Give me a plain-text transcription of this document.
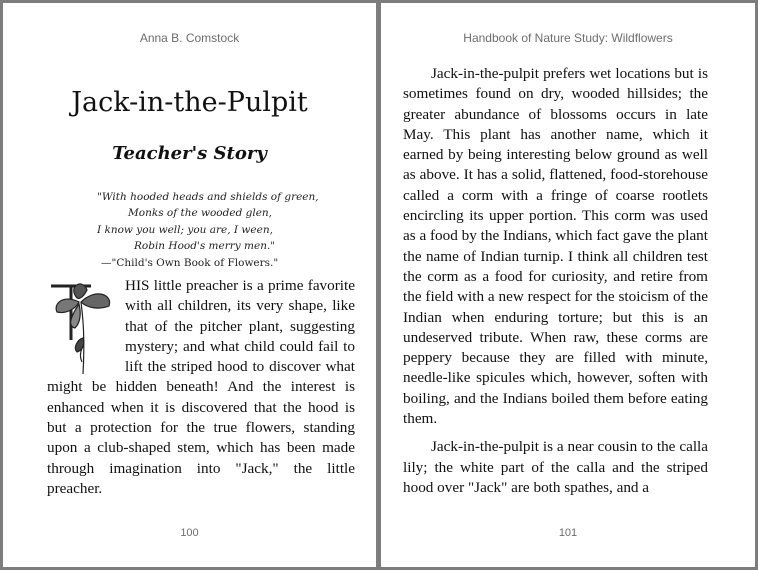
Anna B. Comstock
Jack-in-the-Pulpit
Teacher's Story
"With hooded heads and shields of green,
Monks of the wooded glen,
I know you well; you are, I ween,
Robin Hood's merry men."
—"Child's Own Book of Flowers."
HIS little preacher is a prime favorite with all children, its very shape, like that of the pitcher plant, suggesting mystery; and what child could fail to lift the striped hood to discover what might be hidden beneath! And the interest is enhanced when it is discovered that the hood is but a protection for the true flowers, standing upon a club-shaped stem, which has been made through imagination into "Jack," the little preacher.
100
Handbook of Nature Study: Wildflowers

Jack-in-the-pulpit prefers wet locations but is sometimes found on dry, wooded hillsides; the greater abundance of blossoms occurs in late May. This plant has another name, which it earned by being interesting below ground as well as above. It has a solid, flattened, food-storehouse called a corm with a fringe of coarse rootlets encircling its upper portion. This corm was used as a food by the Indians, which fact gave the plant the name of Indian turnip. I think all children test the corm as a food for curiosity, and retire from the field with a new respect for the stoicism of the Indian when enduring torture; but this is an undeserved tribute. When raw, these corms are peppery because they are filled with minute, needle-like spicules which, however, soften with boiling, and the Indians boiled them before eating them.

Jack-in-the-pulpit is a near cousin to the calla lily; the white part of the calla and the striped hood over "Jack" are both spathes, and a

101
